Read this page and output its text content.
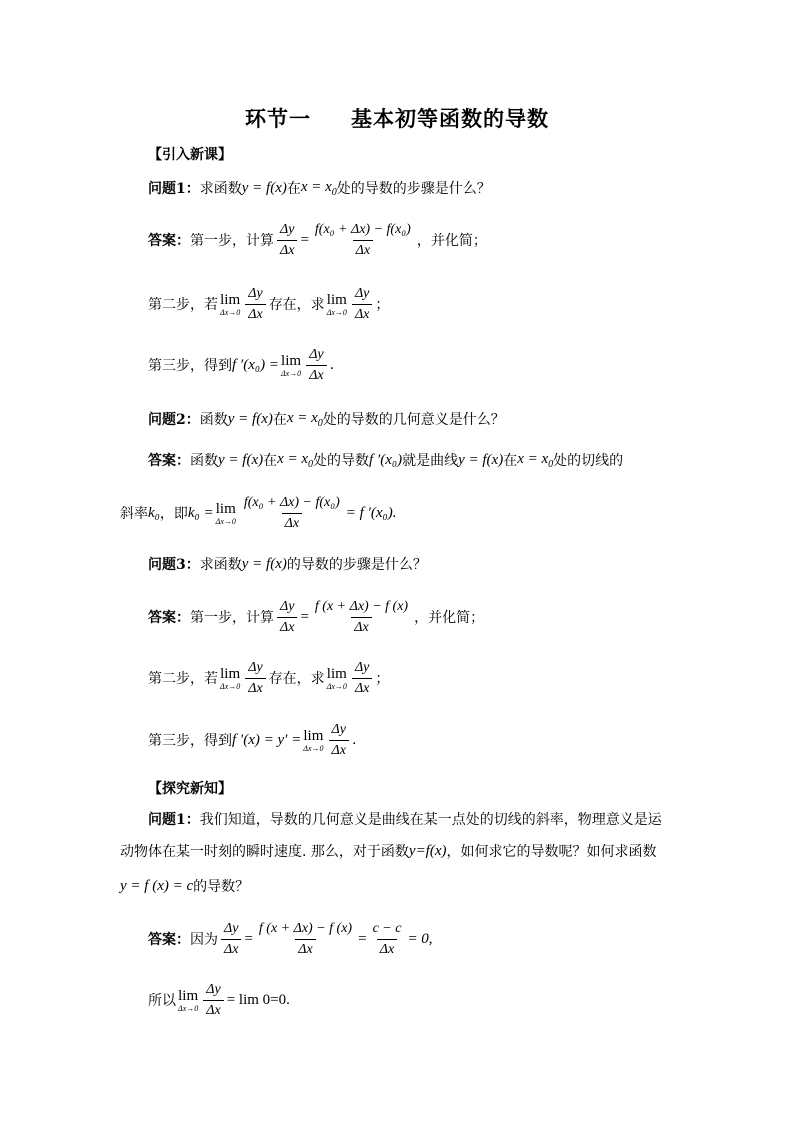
环节一 基本初等函数的导数
【引入新课】
问题1： 求函数 y = f(x) 在 $x = x_0$ 处的导数的步骤是什么？
答案： 第一步，计算 $\frac{\Delta y}{\Delta x} = \frac{\text{f(x₀ + Δx) − f(x₀)}}{\Delta x}$ ，并化简；
第二步，若 lim
$\Delta x\to 0 \frac{\Delta y}{\Delta x}$ 存在，求 lim
$\Delta x\to 0 \frac{\Delta y}{\Delta x}$ ；
第三步，得到 f ′(x₀) = lim
$\Delta x\to 0 \frac{\Delta y}{\Delta x}$ .
问题2： 函数 y = f(x) 在 $x = x_0$ 处的导数的几何意义是什么？
答案： 函数 y = f(x) 在 $x = x_0$ 处的导数 f ′(x₀) 就是曲线 y = f(x) 在 $x = x_0$ 处的切线的
斜率 k₀ ，即 k₀ = lim
$\Delta x\to 0 \frac{\text{f(x₀ + Δx) − f(x₀)}}{\Delta x} = f$ ′(x₀).
问题3： 求函数 y = f(x) 的导数的步骤是什么？
答案： 第一步，计算 $\frac{\Delta y}{\Delta x} = \frac{f (x + \Delta x) - f (x)}{\Delta x}$ ，并化简；
第二步，若 lim
$\Delta x\to 0 \frac{\Delta y}{\Delta x}$ 存在，求 lim
$\Delta x\to 0 \frac{\Delta y}{\Delta x}$ ；
第三步，得到 f ′(x) = y′ = lim
$\Delta x\to 0 \frac{\Delta y}{\Delta x}$ .
【探究新知】
问题1： 我们知道，导数的几何意义是曲线在某一点处的切线的斜率，物理意义是运
动物体在某一时刻的瞬时速度. 那么，对于函数 y=f(x) ，如何求它的导数呢？如何求函数
y = f (x) = c 的导数？
答案： 因为 $\frac{\Delta y}{\Delta x} = \frac{f (x + \Delta x) - f (x)}{\Delta x} = \frac{c - c}{\Delta x} = 0$,
所以 lim
$\Delta x\to 0 \frac{\Delta y}{\Delta x} = \lim 0=0$.
